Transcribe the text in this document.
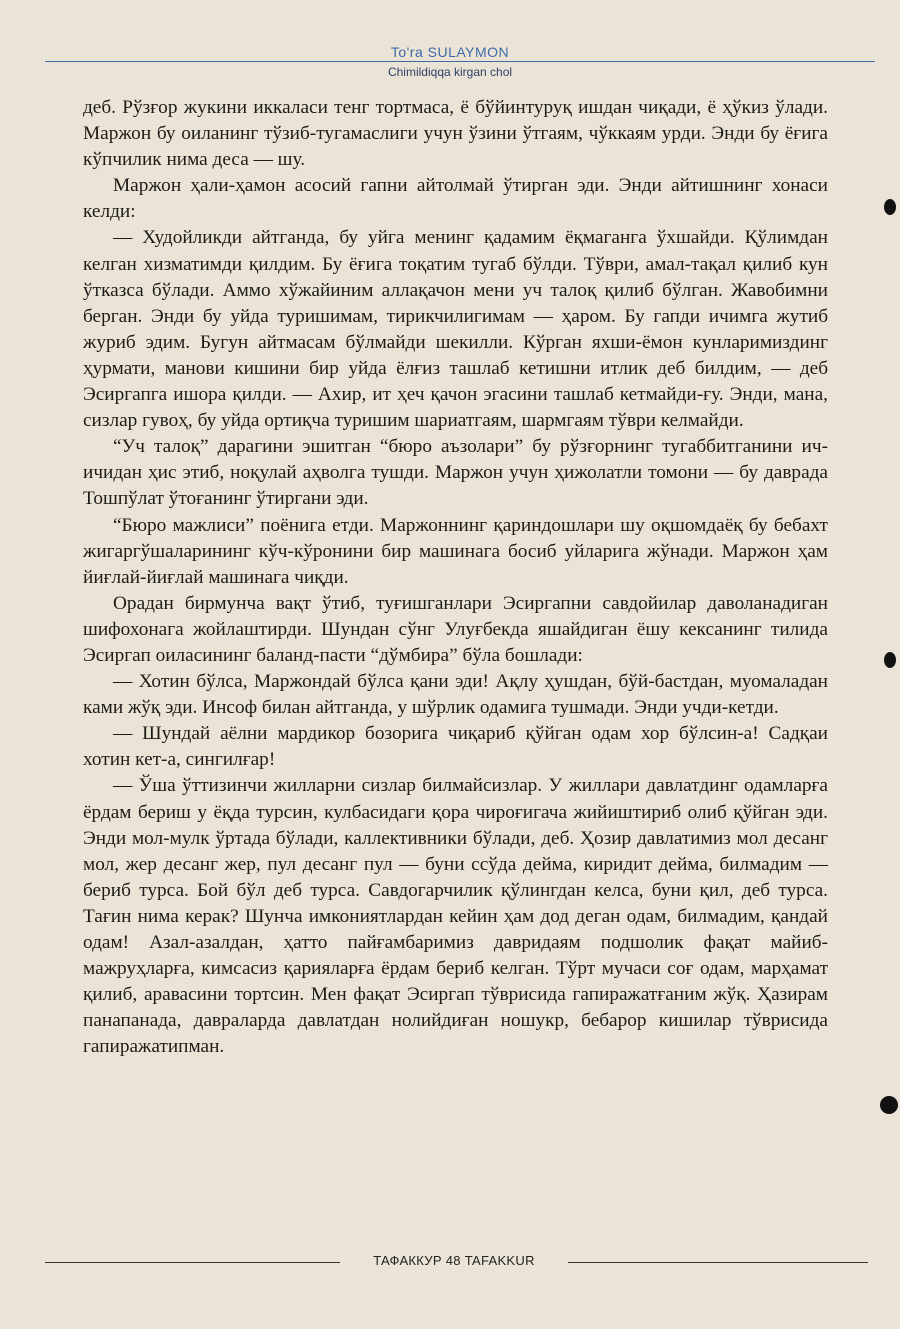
To'ra SULAYMON
Chimildiqqa kirgan chol

деб. Рўзғор жукини иккаласи тенг тортмаса, ё бўйинтуруқ ишдан чиқади, ё ҳўкиз ўлади. Маржон бу оиланинг тўзиб-тугамаслиги учун ўзини ўтгаям, чўккаям урди. Энди бу ёғига кўпчилик нима деса — шу.

Маржон ҳали-ҳамон асосий гапни айтолмай ўтирган эди. Энди айтишнинг хонаси келди:

— Худойликди айтганда, бу уйга менинг қадамим ёқмаганга ўхшайди. Қўлимдан келган хизматимди қилдим. Бу ёғига тоқатим тугаб бўлди. Тўври, амал-тақал қилиб кун ўтказса бўлади. Аммо хўжайиним аллақачон мени уч талоқ қилиб бўлган. Жавобимни берган. Энди бу уйда туришимам, тирикчилигимам — ҳаром. Бу гапди ичимга жутиб журиб эдим. Бугун айтмасам бўлмайди шекилли. Кўрган яхши-ёмон кунларимиздинг ҳурмати, манови кишини бир уйда ёлғиз ташлаб кетишни итлик деб билдим, — деб Эсиргапга ишора қилди. — Ахир, ит ҳеч қачон эгасини ташлаб кетмайди-ғу. Энди, мана, сизлар гувоҳ, бу уйда ортиқча туришим шариатгаям, шармгаям тўври келмайди.

“Уч талоқ” дарагини эшитган “бюро аъзолари” бу рўзғорнинг тугаббитганини ич-ичидан ҳис этиб, ноқулай аҳволга тушди. Маржон учун ҳижолатли томони — бу даврада Тошпўлат ўтоғанинг ўтиргани эди.

“Бюро мажлиси” поёнига етди. Маржоннинг қариндошлари шу оқшомдаёқ бу бебахт жигаргўшаларининг кўч-кўронини бир машинага босиб уйларига жўнади. Маржон ҳам йиғлай-йиғлай машинага чиқди.

Орадан бирмунча вақт ўтиб, туғишганлари Эсиргапни савдойилар даволанадиган шифохонага жойлаштирди. Шундан сўнг Улуғбекда яшайдиган ёшу кексанинг тилида Эсиргап оиласининг баланд-пасти “дўмбира” бўла бошлади:

— Хотин бўлса, Маржондай бўлса қани эди! Ақлу ҳушдан, бўй-бастдан, муомаладан ками жўқ эди. Инсоф билан айтганда, у шўрлик одамига тушмади. Энди учди-кетди.

— Шундай аёлни мардикор бозорига чиқариб қўйган одам хор бўлсин-а! Садқаи хотин кет-а, сингилғар!

— Ўша ўттизинчи жилларни сизлар билмайсизлар. У жиллари давлатдинг одамларға ёрдам бериш у ёқда турсин, кулбасидаги қора чироғигача жийиштириб олиб қўйган эди. Энди мол-мулк ўртада бўлади, каллективники бўлади, деб. Ҳозир давлатимиз мол десанг мол, жер десанг жер, пул десанг пул — буни ссўда дейма, киридит дейма, билмадим — бериб турса. Бой бўл деб турса. Савдогарчилик қўлингдан келса, буни қил, деб турса. Тағин нима керак? Шунча имкониятлардан кейин ҳам дод деган одам, билмадим, қандай одам! Азал-азалдан, ҳатто пайғамбаримиз давридаям подшолик фақат майиб-мажруҳларға, кимсасиз қарияларға ёрдам бериб келган. Тўрт мучаси соғ одам, марҳамат қилиб, аравасини тортсин. Мен фақат Эсиргап тўврисида гапиражатғаним жўқ. Ҳазирам панапанада, давраларда давлатдан нолийдиған ношукр, бебарор кишилар тўврисида гапиражатипман.

ТАФАККУР 48 TAFAKKUR
